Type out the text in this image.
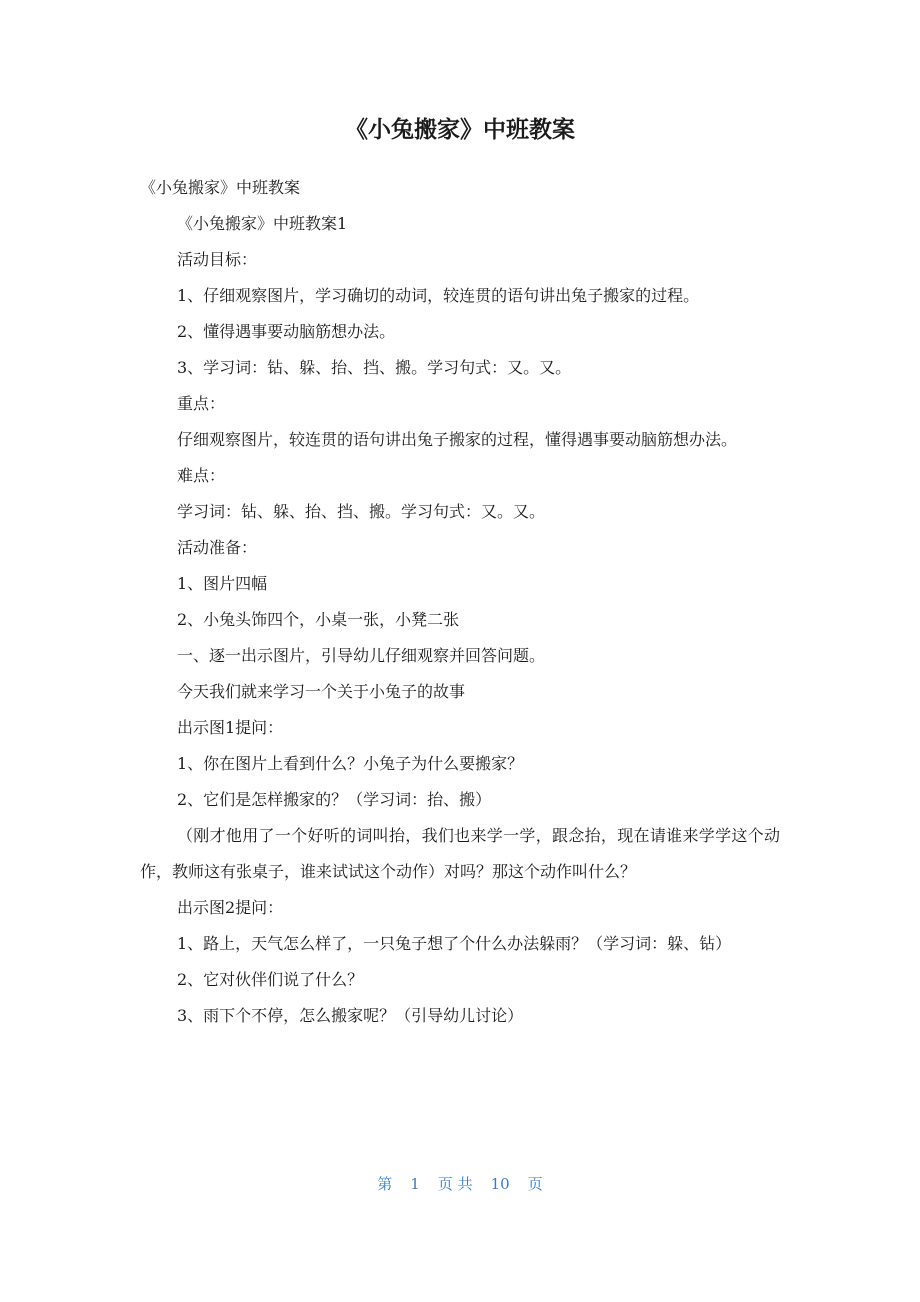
《小兔搬家》中班教案

《小兔搬家》中班教案

《小兔搬家》中班教案1

活动目标：

1、仔细观察图片，学习确切的动词，较连贯的语句讲出兔子搬家的过程。

2、懂得遇事要动脑筋想办法。

3、学习词：钻、躲、抬、挡、搬。学习句式：又。又。

重点：

仔细观察图片，较连贯的语句讲出兔子搬家的过程，懂得遇事要动脑筋想办法。

难点：

学习词：钻、躲、抬、挡、搬。学习句式：又。又。

活动准备：

1、图片四幅

2、小兔头饰四个，小桌一张，小凳二张

一、逐一出示图片，引导幼儿仔细观察并回答问题。

今天我们就来学习一个关于小兔子的故事

出示图1提问：

1、你在图片上看到什么？小兔子为什么要搬家？

2、它们是怎样搬家的？（学习词：抬、搬）

（刚才他用了一个好听的词叫抬，我们也来学一学，跟念抬，现在请谁来学学这个动作，教师这有张桌子，谁来试试这个动作）对吗？那这个动作叫什么？

出示图2提问：

1、路上，天气怎么样了，一只兔子想了个什么办法躲雨？（学习词：躲、钻）

2、它对伙伴们说了什么？

3、雨下个不停，怎么搬家呢？（引导幼儿讨论）

第 1 页 共 10 页
